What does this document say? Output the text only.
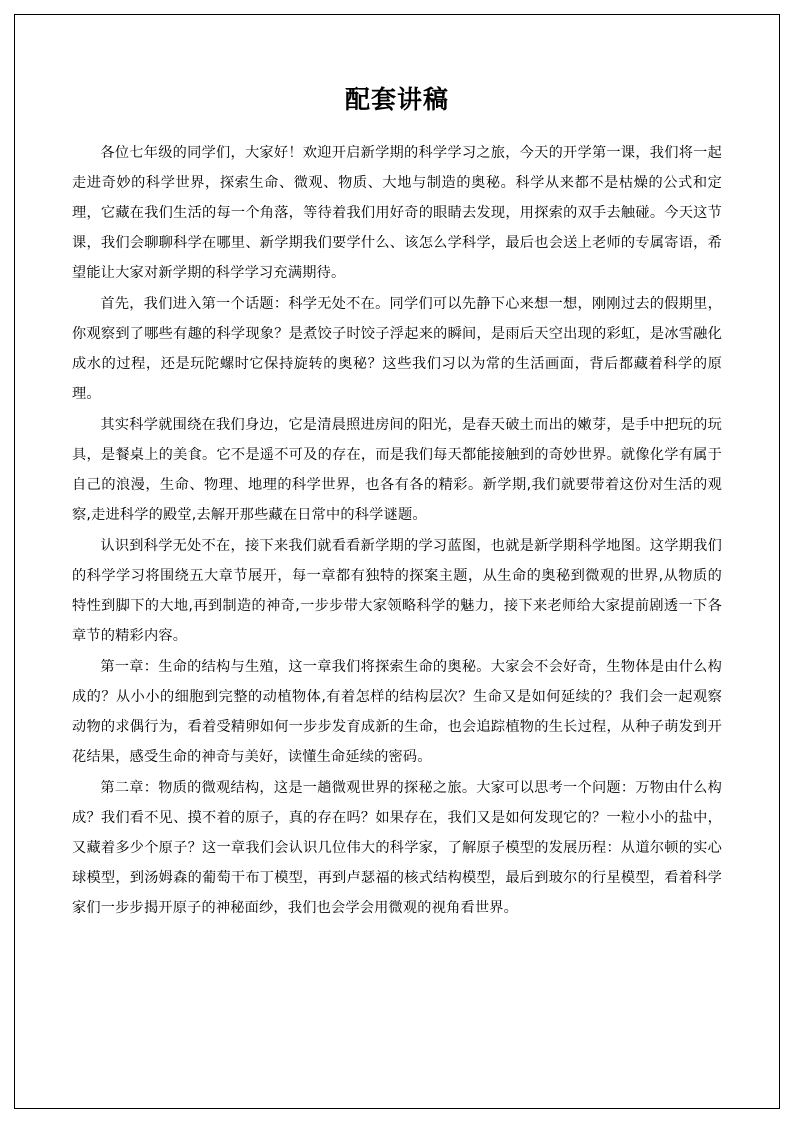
配套讲稿

各位七年级的同学们，大家好！欢迎开启新学期的科学学习之旅，今天的开学第一课，我们将一起走进奇妙的科学世界，探索生命、微观、物质、大地与制造的奥秘。科学从来都不是枯燥的公式和定理，它藏在我们生活的每一个角落，等待着我们用好奇的眼睛去发现，用探索的双手去触碰。今天这节课，我们会聊聊科学在哪里、新学期我们要学什么、该怎么学科学，最后也会送上老师的专属寄语，希望能让大家对新学期的科学学习充满期待。

首先，我们进入第一个话题：科学无处不在。同学们可以先静下心来想一想，刚刚过去的假期里，你观察到了哪些有趣的科学现象？是煮饺子时饺子浮起来的瞬间，是雨后天空出现的彩虹，是冰雪融化成水的过程，还是玩陀螺时它保持旋转的奥秘？这些我们习以为常的生活画面，背后都藏着科学的原理。

其实科学就围绕在我们身边，它是清晨照进房间的阳光，是春天破土而出的嫩芽，是手中把玩的玩具，是餐桌上的美食。它不是遥不可及的存在，而是我们每天都能接触到的奇妙世界。就像化学有属于自己的浪漫，生命、物理、地理的科学世界，也各有各的精彩。新学期,我们就要带着这份对生活的观察,走进科学的殿堂,去解开那些藏在日常中的科学谜题。

认识到科学无处不在，接下来我们就看看新学期的学习蓝图，也就是新学期科学地图。这学期我们的科学学习将围绕五大章节展开，每一章都有独特的探案主题，从生命的奥秘到微观的世界,从物质的特性到脚下的大地,再到制造的神奇,一步步带大家领略科学的魅力，接下来老师给大家提前剧透一下各章节的精彩内容。

第一章：生命的结构与生殖，这一章我们将探索生命的奥秘。大家会不会好奇，生物体是由什么构成的？从小小的细胞到完整的动植物体,有着怎样的结构层次？生命又是如何延续的？我们会一起观察动物的求偶行为，看着受精卵如何一步步发育成新的生命，也会追踪植物的生长过程，从种子萌发到开花结果，感受生命的神奇与美好，读懂生命延续的密码。

第二章：物质的微观结构，这是一趟微观世界的探秘之旅。大家可以思考一个问题：万物由什么构成？我们看不见、摸不着的原子，真的存在吗？如果存在，我们又是如何发现它的？一粒小小的盐中，又藏着多少个原子？这一章我们会认识几位伟大的科学家，了解原子模型的发展历程：从道尔顿的实心球模型，到汤姆森的葡萄干布丁模型，再到卢瑟福的核式结构模型，最后到玻尔的行星模型，看着科学家们一步步揭开原子的神秘面纱，我们也会学会用微观的视角看世界。
